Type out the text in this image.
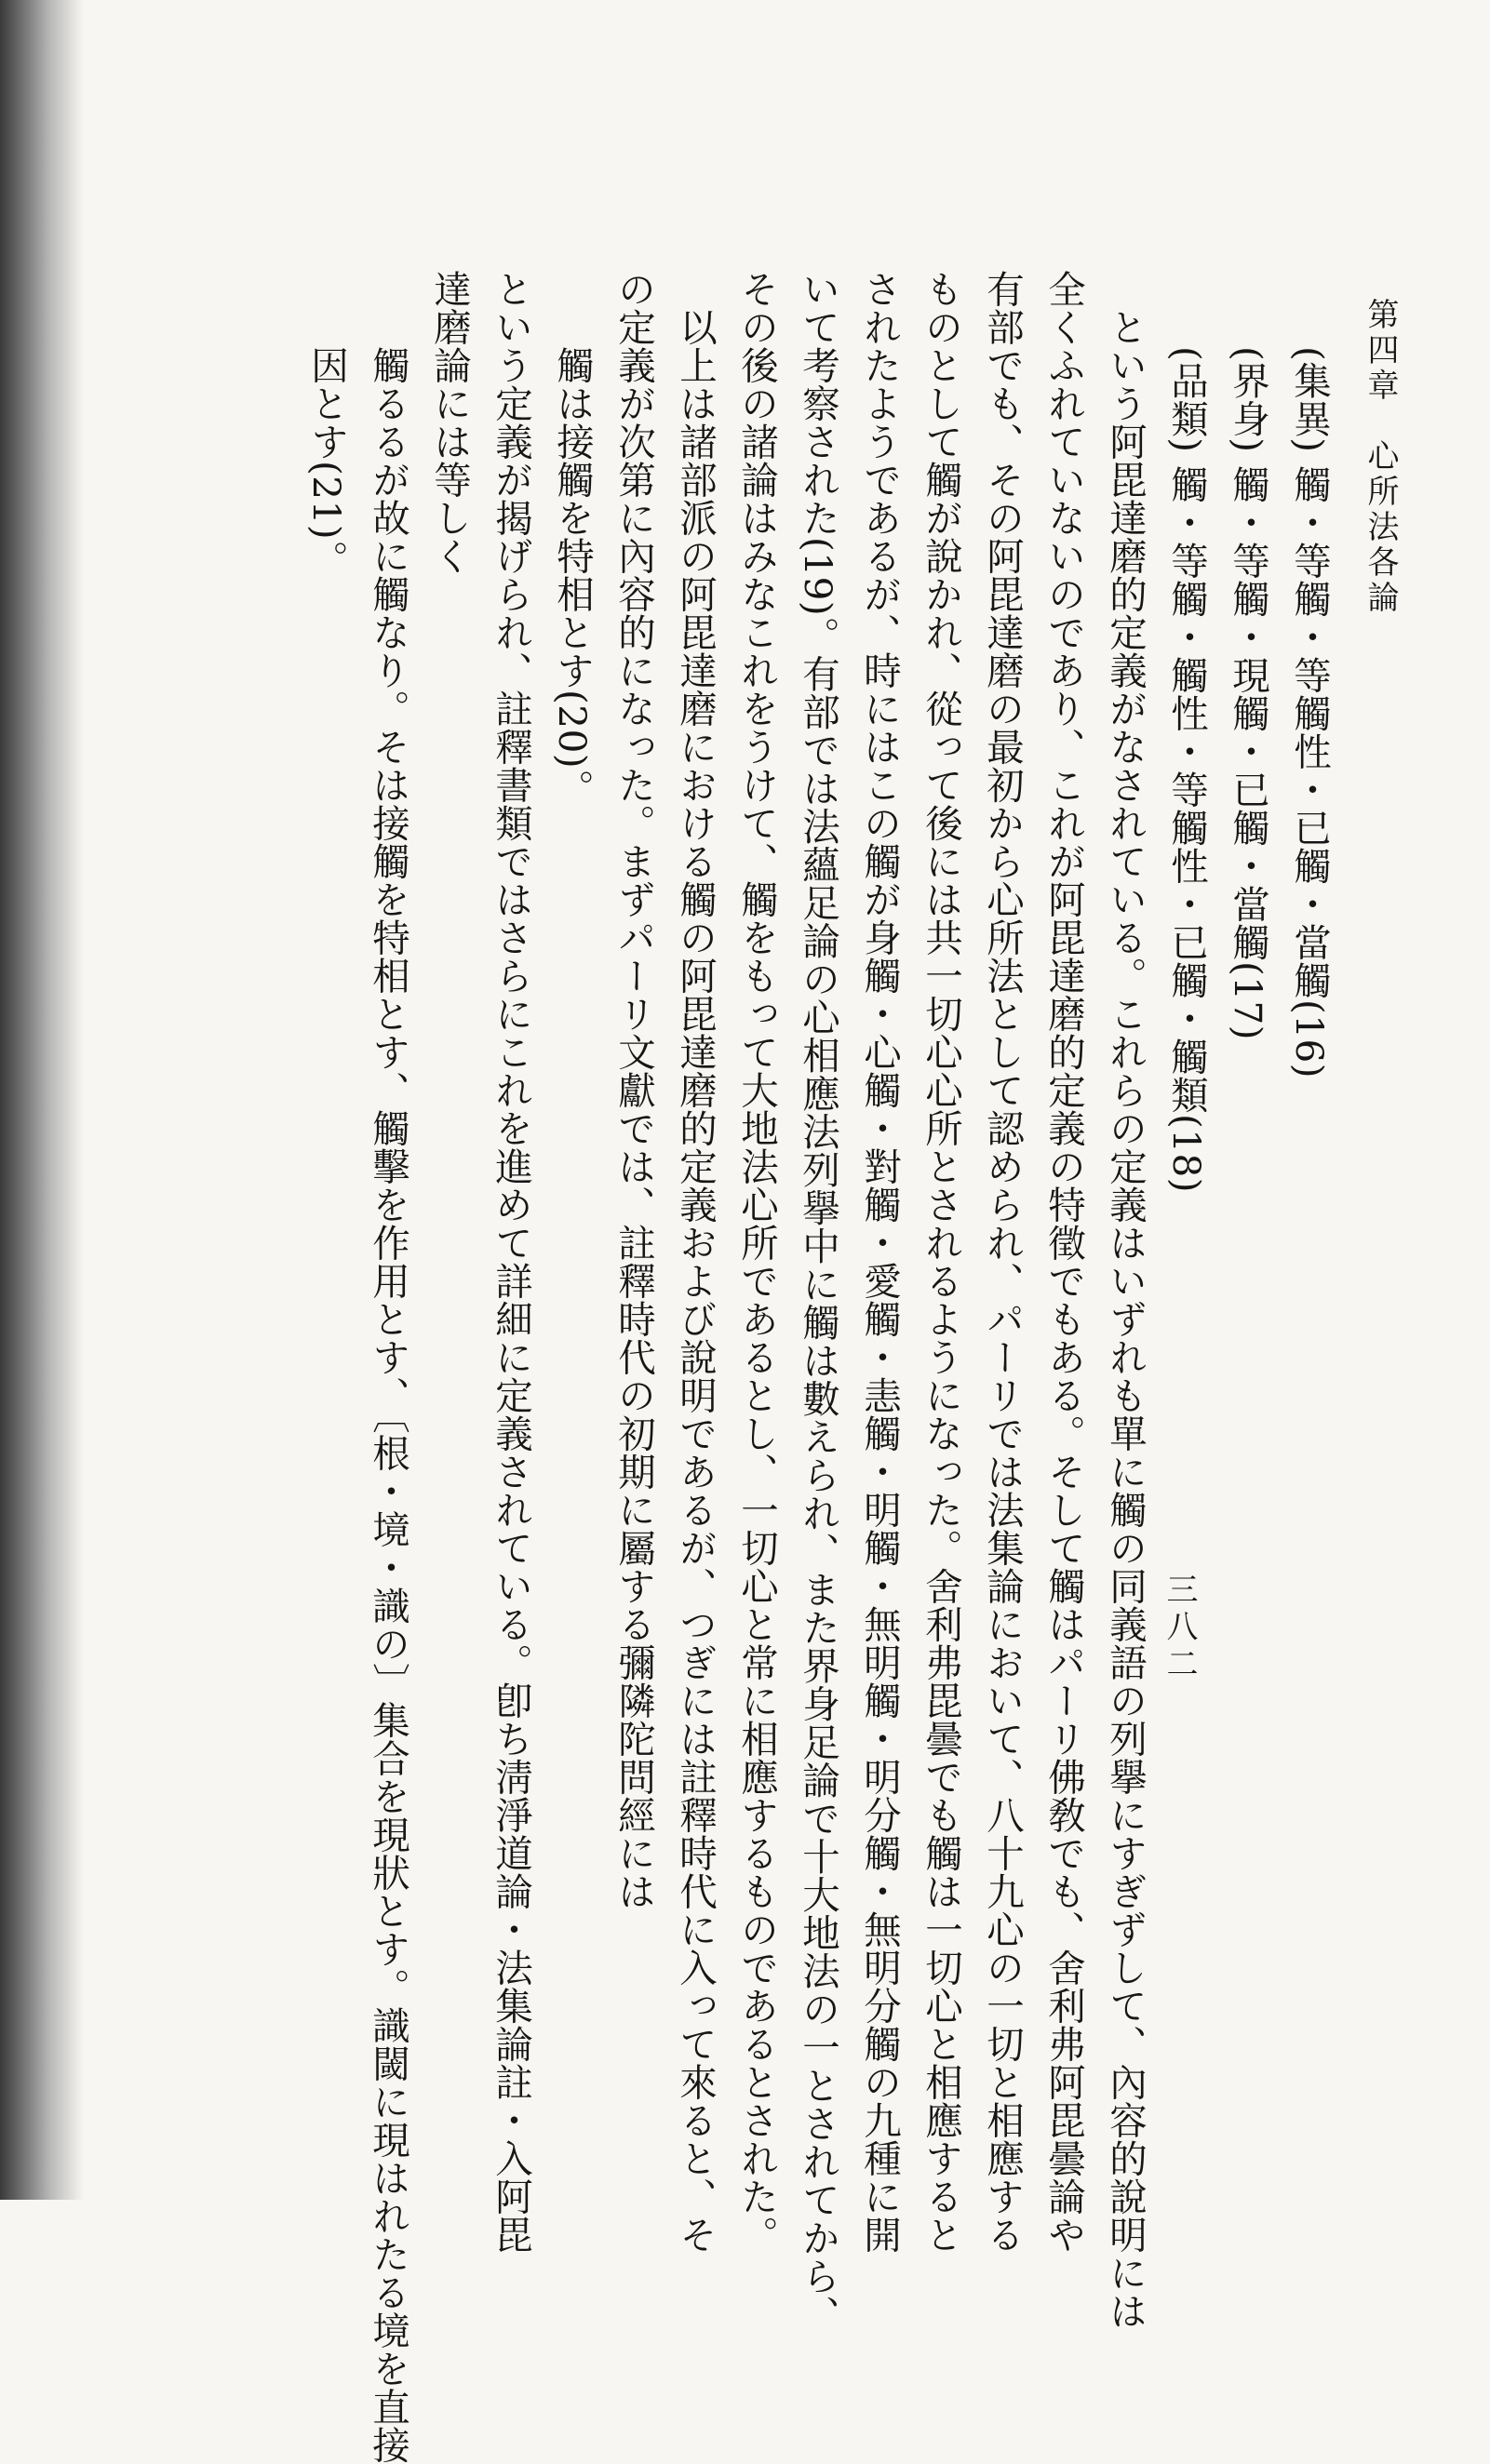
第四章　心所法各論
(集異) 觸・等觸・等觸性・已觸・當觸(16)
(界身) 觸・等觸・現觸・已觸・當觸(17)
(品類) 觸・等觸・觸性・等觸性・已觸・觸類(18)
という阿毘達磨的定義がなされている。これらの定義はいずれも單に觸の同義語の列擧にすぎずして、內容的說明には
全くふれていないのであり、これが阿毘達磨的定義の特徵でもある。そして觸はパーリ佛敎でも、舍利弗阿毘曇論や
有部でも、その阿毘達磨の最初から心所法として認められ、パーリでは法集論において、八十九心の一切と相應する
ものとして觸が說かれ、從って後には共一切心心所とされるようになった。舍利弗毘曇でも觸は一切心と相應すると
されたようであるが、時にはこの觸が身觸・心觸・對觸・愛觸・恚觸・明觸・無明觸・明分觸・無明分觸の九種に開
いて考察された(19)。有部では法蘊足論の心相應法列擧中に觸は數えられ、また界身足論で十大地法の一とされてから、
その後の諸論はみなこれをうけて、觸をもって大地法心所であるとし、一切心と常に相應するものであるとされた。
以上は諸部派の阿毘達磨における觸の阿毘達磨的定義および說明であるが、つぎには註釋時代に入って來ると、そ
の定義が次第に內容的になった。まずパーリ文獻では、註釋時代の初期に屬する彌隣陀問經には
觸は接觸を特相とす(20)。
という定義が揭げられ、註釋書類ではさらにこれを進めて詳細に定義されている。卽ち淸淨道論・法集論註・入阿毘
達磨論には等しく
觸るるが故に觸なり。そは接觸を特相とす、觸擊を作用とす、〔根・境・識の〕集合を現狀とす。識閾に現はれたる境を直接
因とす(21)。
三八二
